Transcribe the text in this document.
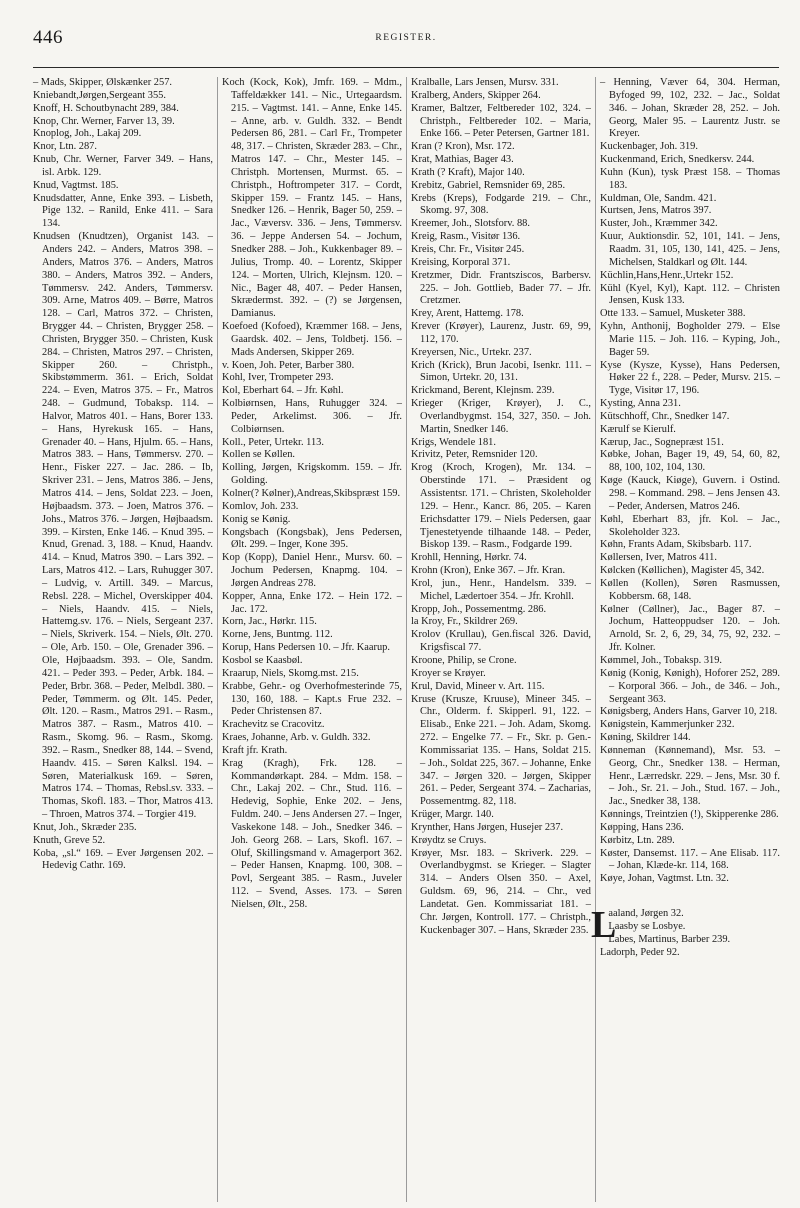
446	REGISTER.

– Mads, Skipper, Ølskænker 257.

Kniebandt,Jørgen,Sergeant 355.

Knoff, H. Schoutbynacht 289, 384.

Knop, Chr. Werner, Farver 13, 39.

Knoplog, Joh., Lakaj 209.

Knor, Ltn. 287.

Knub, Chr. Werner, Farver 349. – Hans, isl. Arbk. 129.

Knud, Vagtmst. 185.

Knudsdatter, Anne, Enke 393. – Lisbeth, Pige 132. – Ranild, Enke 411. – Sara 134.

Knudsen (Knudtzen), Organist 143. – Anders 242. – Anders, Matros 398. – Anders, Matros 376. – Anders, Matros 380. – Anders, Matros 392. – Anders, Tømmersv. 242. Anders, Tømmersv. 309. Arne, Matros 409. – Børre, Matros 128. – Carl, Matros 372. – Christen, Brygger 44. – Christen, Brygger 258. – Christen, Brygger 350. – Christen, Kusk 284. – Christen, Matros 297. – Christen, Skipper 260. – Christph., Skibstømmerm. 361. – Erich, Soldat 224. – Even, Matros 375. – Fr., Matros 248. – Gudmund, Tobaksp. 114. – Halvor, Matros 401. – Hans, Borer 133. – Hans, Hyrekusk 165. – Hans, Grenader 40. – Hans, Hjulm. 65. – Hans, Matros 383. – Hans, Tømmersv. 270. – Henr., Fisker 227. – Jac. 286. – Ib, Skriver 231. – Jens, Matros 386. – Jens, Matros 414. – Jens, Soldat 223. – Joen, Højbaadsm. 373. – Joen, Matros 376. – Johs., Matros 376. – Jørgen, Højbaadsm. 399. – Kirsten, Enke 146. – Knud 395. – Knud, Grenad. 3, 188. – Knud, Haandv. 414. – Knud, Matros 390. – Lars 392. – Lars, Matros 412. – Lars, Ruhugger 307. – Ludvig, v. Artill. 349. – Marcus, Rebsl. 228. – Michel, Overskipper 404. – Niels, Haandv. 415. – Niels, Hattemg.sv. 176. – Niels, Sergeant 237. – Niels, Skriverk. 154. – Niels, Ølt. 270. – Ole, Arb. 150. – Ole, Grenader 396. – Ole, Højbaadsm. 393. – Ole, Sandm. 421. – Peder 393. – Peder, Arbk. 184. – Peder, Brbr. 368. – Peder, Melbdl. 380. – Peder, Tømmerm. og Ølt. 145. Peder, Ølt. 120. – Rasm., Matros 291. – Rasm., Matros 387. – Rasm., Matros 410. – Rasm., Skomg. 96. – Rasm., Skomg. 392. – Rasm., Snedker 88, 144. – Svend, Haandv. 415. – Søren Kalksl. 194. – Søren, Materialkusk 169. – Søren, Matros 174. – Thomas, Rebsl.sv. 333. – Thomas, Skofl. 183. – Thor, Matros 413. – Throen, Matros 374. – Torgier 419.

Knut, Joh., Skræder 235.

Knuth, Greve 52.

Koba, „sl.“ 169. – Ever Jørgensen 202. – Hedevig Cathr. 169.

Koch (Kock, Kok), Jmfr. 169. – Mdm., Taffeldækker 141. – Nic., Urtegaardsm. 215. – Vagtmst. 141. – Anne, Enke 145. – Anne, arb. v. Guldh. 332. – Bendt Pedersen 86, 281. – Carl Fr., Trompeter 48, 317. – Christen, Skræder 283. – Chr., Matros 147. – Chr., Mester 145. – Christph. Mortensen, Murmst. 65. – Christph., Hoftrompeter 317. – Cordt, Skipper 159. – Frantz 145. – Hans, Snedker 126. – Henrik, Bager 50, 259. – Jac., Væversv. 336. – Jens, Tømmersv. 36. – Jeppe Andersen 54. – Jochum, Snedker 288. – Joh., Kukkenbager 89. – Julius, Tromp. 40. – Lorentz, Skipper 124. – Morten, Ulrich, Klejnsm. 120. – Nic., Bager 48, 407. – Peder Hansen, Skrædermst. 392. – (?) se Jørgensen, Damianus.

Koefoed (Kofoed), Kræmmer 168. – Jens, Gaardsk. 402. – Jens, Toldbetj. 156. – Mads Andersen, Skipper 269.

v. Koen, Joh. Peter, Barber 380.

Kohl, Iver, Trompeter 293.

Kol, Eberhart 64. – Jfr. Køhl.

Kolbiørnsen, Hans, Ruhugger 324. – Peder, Arkelimst. 306. – Jfr. Colbiørnsen.

Koll., Peter, Urtekr. 113.

Kollen se Køllen.

Kolling, Jørgen, Krigskomm. 159. – Jfr. Golding.

Kolner(? Kølner),Andreas,Skibspræst 159.

Komlov, Joh. 233.

Konig se Kønig.

Kongsbach (Kongsbak), Jens Pedersen, Ølt. 299. – Inger, Kone 395.

Kop (Kopp), Daniel Henr., Mursv. 60. – Jochum Pedersen, Knapmg. 104. – Jørgen Andreas 278.

Kopper, Anna, Enke 172. – Hein 172. – Jac. 172.

Korn, Jac., Hørkr. 115.

Korne, Jens, Buntmg. 112.

Korup, Hans Pedersen 10. – Jfr. Kaarup.

Kosbol se Kaasbøl.

Kraarup, Niels, Skomg.mst. 215.

Krabbe, Gehr.- og Overhofmesterinde 75, 130, 160, 188. – Kapt.s Frue 232. – Peder Christensen 87.

Krachevitz se Cracovitz.

Kraes, Johanne, Arb. v. Guldh. 332.

Kraft jfr. Krath.

Krag (Kragh), Frk. 128. – Kommandørkapt. 284. – Mdm. 158. – Chr., Lakaj 202. – Chr., Stud. 116. – Hedevig, Sophie, Enke 202. – Jens, Fuldm. 240. – Jens Andersen 27. – Inger, Vaskekone 148. – Joh., Snedker 346. – Joh. Georg 268. – Lars, Skofl. 167. – Oluf, Skillingsmand v. Amagerport 362. – Peder Hansen, Knapmg. 100, 308. – Povl, Sergeant 385. – Rasm., Juveler 112. – Svend, Asses. 173. – Søren Nielsen, Ølt., 258.

Kralballe, Lars Jensen, Mursv. 331.

Kralberg, Anders, Skipper 264.

Kramer, Baltzer, Feltbereder 102, 324. – Christph., Feltbereder 102. – Maria, Enke 166. – Peter Petersen, Gartner 181.

Kran (? Kron), Msr. 172.

Krat, Mathias, Bager 43.

Krath (? Kraft), Major 140.

Krebitz, Gabriel, Remsnider 69, 285.

Krebs (Kreps), Fodgarde 219. – Chr., Skomg. 97, 308.

Kreemer, Joh., Slotsforv. 88.

Kreig, Rasm., Visitør 136.

Kreis, Chr. Fr., Visitør 245.

Kreising, Korporal 371.

Kretzmer, Didr. Frantsziscos, Barbersv. 225. – Joh. Gottlieb, Bader 77. – Jfr. Cretzmer.

Krey, Arent, Hattemg. 178.

Krever (Krøyer), Laurenz, Justr. 69, 99, 112, 170.

Kreyersen, Nic., Urtekr. 237.

Krich (Krick), Brun Jacobi, Isenkr. 111. – Simon, Urtekr. 20, 131.

Krickmand, Berent, Klejnsm. 239.

Krieger (Kriger, Krøyer), J. C., Overlandbygmst. 154, 327, 350. – Joh. Martin, Snedker 146.

Krigs, Wendele 181.

Krivitz, Peter, Remsnider 120.

Krog (Kroch, Krogen), Mr. 134. – Oberstinde 171. – Præsident og Assistentsr. 171. – Christen, Skoleholder 129. – Henr., Kancr. 86, 205. – Karen Erichsdatter 179. – Niels Pedersen, gaar Tjenestetyende tilhaande 148. – Peder, Biskop 139. – Rasm., Fodgarde 199.

Krohll, Henning, Hørkr. 74.

Krohn (Kron), Enke 367. – Jfr. Kran.

Krol, jun., Henr., Handelsm. 339. – Michel, Lædertoer 354. – Jfr. Krohll.

Kropp, Joh., Possementmg. 286.

la Kroy, Fr., Skildrer 269.

Krolov (Krullau), Gen.fiscal 326. David, Krigsfiscal 77.

Kroone, Philip, se Crone.

Kroyer se Krøyer.

Krul, David, Mineer v. Art. 115.

Kruse (Krusze, Kruuse), Mineer 345. – Chr., Olderm. f. Skipperl. 91, 122. – Elisab., Enke 221. – Joh. Adam, Skomg. 272. – Engelke 77. – Fr., Skr. p. Gen.-Kommissariat 135. – Hans, Soldat 215. – Joh., Soldat 225, 367. – Johanne, Enke 347. – Jørgen 320. – Jørgen, Skipper 261. – Peder, Sergeant 374. – Zacharias, Possementmg. 82, 118.

Krüger, Margr. 140.

Krynther, Hans Jørgen, Husejer 237.

Krøydtz se Cruys.

Krøyer, Msr. 183. – Skriverk. 229. – Overlandbygmst. se Krieger. – Slagter 314. – Anders Olsen 350. – Axel, Guldsm. 69, 96, 214. – Chr., ved Landetat. Gen. Kommissariat 181. – Chr. Jørgen, Kontroll. 177. – Christph., Kuckenbager 307. – Hans, Skræder 235.

– Henning, Væver 64, 304. Herman, Byfoged 99, 102, 232. – Jac., Soldat 346. – Johan, Skræder 28, 252. – Joh. Georg, Maler 95. – Laurentz Justr. se Kreyer.

Kuckenbager, Joh. 319.

Kuckenmand, Erich, Snedkersv. 244.

Kuhn (Kun), tysk Præst 158. – Thomas 183.

Kuldman, Ole, Sandm. 421.

Kurtsen, Jens, Matros 397.

Kuster, Joh., Kræmmer 342.

Kuur, Auktionsdir. 52, 101, 141. – Jens, Raadm. 31, 105, 130, 141, 425. – Jens, Michelsen, Staldkarl og Ølt. 144.

Küchlin,Hans,Henr.,Urtekr 152.

Kühl (Kyel, Kyl), Kapt. 112. – Christen Jensen, Kusk 133.

Otte 133. – Samuel, Musketer 388.

Kyhn, Anthonij, Bogholder 279. – Else Marie 115. – Joh. 116. – Kyping, Joh., Bager 59.

Kyse (Kysze, Kysse), Hans Pedersen, Høker 22 f., 228. – Peder, Mursv. 215. – Tyge, Visitør 17, 196.

Kysting, Anna 231.

Kütschhoff, Chr., Snedker 147.

Kærulf se Kierulf.

Kærup, Jac., Sognepræst 151.

Købke, Johan, Bager 19, 49, 54, 60, 82, 88, 100, 102, 104, 130.

Køge (Kauck, Kiøge), Guvern. i Ostind. 298. – Kommand. 298. – Jens Jensen 43. – Peder, Andersen, Matros 246.

Køhl, Eberhart 83, jfr. Kol. – Jac., Skoleholder 323.

Køhn, Frants Adam, Skibsbarb. 117.

Køllersen, Iver, Matros 411.

Kølcken (Køllichen), Magister 45, 342.

Køllen (Kollen), Søren Rasmussen, Kobbersm. 68, 148.

Kølner (Cøllner), Jac., Bager 87. – Jochum, Hatteoppudser 120. – Joh. Arnold, Sr. 2, 6, 29, 34, 75, 92, 232. – Jfr. Kolner.

Kømmel, Joh., Tobaksp. 319.

Kønig (Konig, Kønigh), Hoforer 252, 289. – Korporal 366. – Joh., de 346. – Joh., Sergeant 363.

Kønigsberg, Anders Hans, Garver 10, 218.

Kønigstein, Kammerjunker 232.

Køning, Skildrer 144.

Kønneman (Kønnemand), Msr. 53. – Georg, Chr., Snedker 138. – Herman, Henr., Lærredskr. 229. – Jens, Msr. 30 f. – Joh., Sr. 21. – Joh., Stud. 167. – Joh., Jac., Snedker 38, 138.

Kønnings, Treintzien (!), Skipperenke 286.

Køpping, Hans 236.

Kørbitz, Ltn. 289.

Køster, Dansemst. 117. – Ane Elisab. 117. – Johan, Klæde-kr. 114, 168.

Køye, Johan, Vagtmst. Ltn. 32.

L
aaland, Jørgen 32.

Laasby se Losbye.

Labes, Martinus, Barber 239.

Ladorph, Peder 92.
